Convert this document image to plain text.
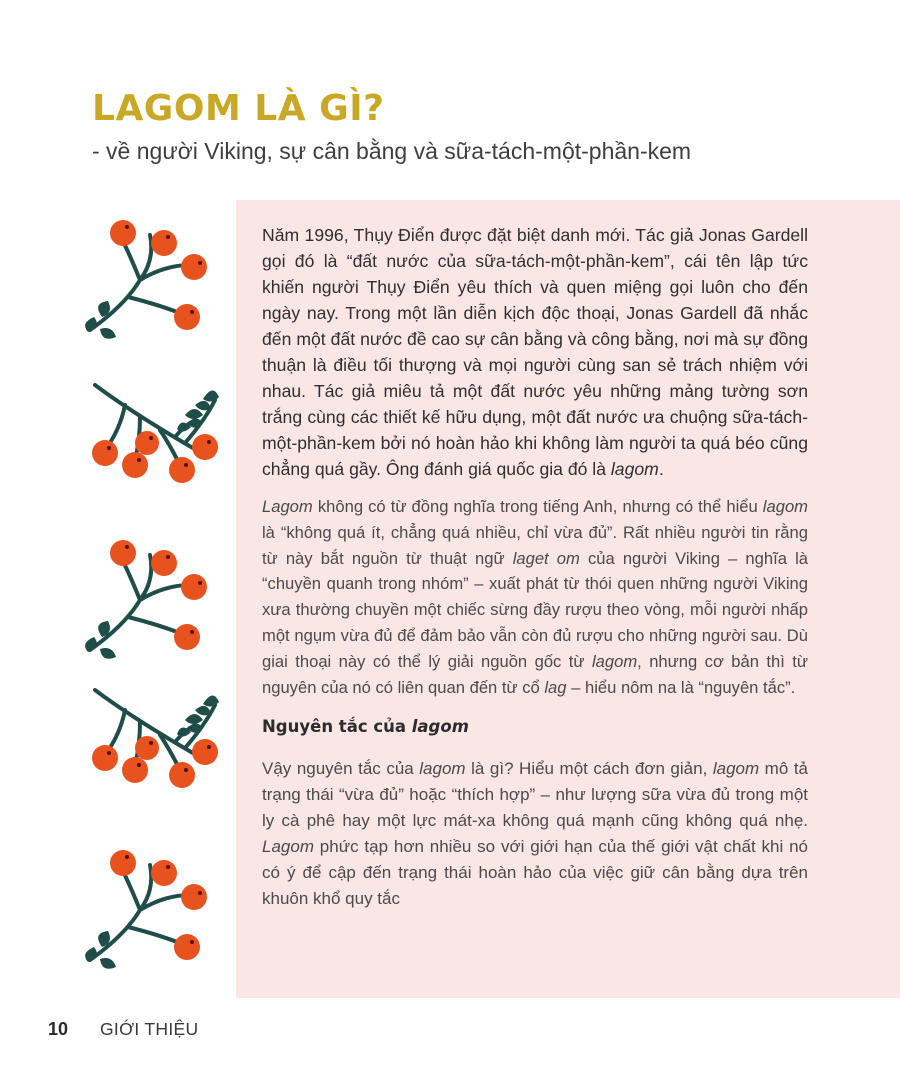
LAGOM LÀ GÌ?

- về người Viking, sự cân bằng và sữa-tách-một-phần-kem

Năm 1996, Thụy Điển được đặt biệt danh mới. Tác giả Jonas Gardell gọi đó là “đất nước của sữa-tách-một-phần-kem”, cái tên lập tức khiến người Thụy Điển yêu thích và quen miệng gọi luôn cho đến ngày nay. Trong một lần diễn kịch độc thoại, Jonas Gardell đã nhắc đến một đất nước đề cao sự cân bằng và công bằng, nơi mà sự đồng thuận là điều tối thượng và mọi người cùng san sẻ trách nhiệm với nhau. Tác giả miêu tả một đất nước yêu những mảng tường sơn trắng cùng các thiết kế hữu dụng, một đất nước ưa chuộng sữa-tách-một-phần-kem bởi nó hoàn hảo khi không làm người ta quá béo cũng chẳng quá gầy. Ông đánh giá quốc gia đó là lagom.

Lagom không có từ đồng nghĩa trong tiếng Anh, nhưng có thể hiểu lagom là “không quá ít, chẳng quá nhiều, chỉ vừa đủ”. Rất nhiều người tin rằng từ này bắt nguồn từ thuật ngữ laget om của người Viking – nghĩa là “chuyền quanh trong nhóm” – xuất phát từ thói quen những người Viking xưa thường chuyền một chiếc sừng đầy rượu theo vòng, mỗi người nhấp một ngụm vừa đủ để đảm bảo vẫn còn đủ rượu cho những người sau. Dù giai thoại này có thể lý giải nguồn gốc từ lagom, nhưng cơ bản thì từ nguyên của nó có liên quan đến từ cổ lag – hiểu nôm na là “nguyên tắc”.

Nguyên tắc của lagom

Vậy nguyên tắc của lagom là gì? Hiểu một cách đơn giản, lagom mô tả trạng thái “vừa đủ” hoặc “thích hợp” – như lượng sữa vừa đủ trong một ly cà phê hay một lực mát-xa không quá mạnh cũng không quá nhẹ. Lagom phức tạp hơn nhiều so với giới hạn của thế giới vật chất khi nó có ý để cập đến trạng thái hoàn hảo của việc giữ cân bằng dựa trên khuôn khổ quy tắc

10 GIỚI THIỆU
